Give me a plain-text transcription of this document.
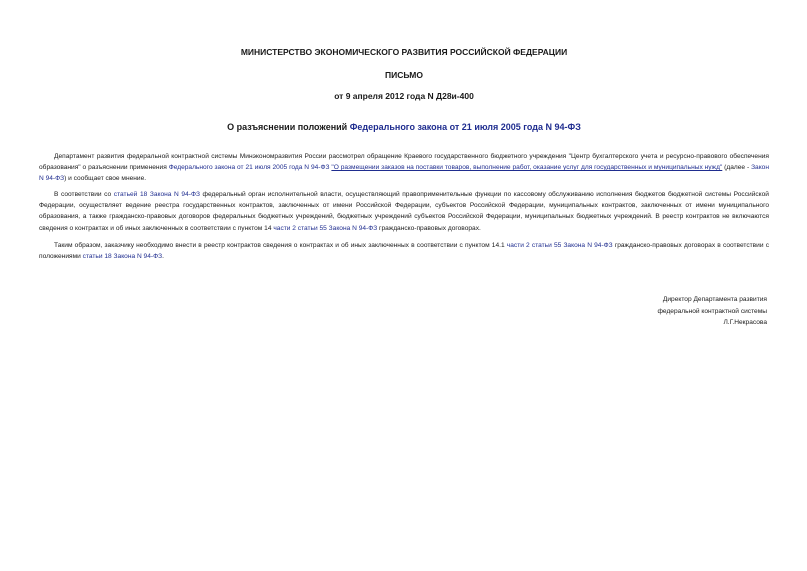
МИНИСТЕРСТВО ЭКОНОМИЧЕСКОГО РАЗВИТИЯ РОССИЙСКОЙ ФЕДЕРАЦИИ
ПИСЬМО
от 9 апреля 2012 года N Д28и-400
О разъяснении положений Федерального закона от 21 июля 2005 года N 94-ФЗ
Департамент развития федеральной контрактной системы Минэкономразвития России рассмотрел обращение Краевого государственного бюджетного учреждения "Центр бухгалтерского учета и ресурсно-правового обеспечения образования" о разъяснении применения Федерального закона от 21 июля 2005 года N 94-ФЗ "О размещении заказов на поставки товаров, выполнение работ, оказание услуг для государственных и муниципальных нужд" (далее - Закон N 94-ФЗ) и сообщает свое мнение.
В соответствии со статьей 18 Закона N 94-ФЗ федеральный орган исполнительной власти, осуществляющий правоприменительные функции по кассовому обслуживанию исполнения бюджетов бюджетной системы Российской Федерации, осуществляет ведение реестра государственных контрактов, заключенных от имени Российской Федерации, субъектов Российской Федерации, муниципальных контрактов, заключенных от имени муниципального образования, а также гражданско-правовых договоров федеральных бюджетных учреждений, бюджетных учреждений субъектов Российской Федерации, муниципальных бюджетных учреждений. В реестр контрактов не включаются сведения о контрактах и об иных заключенных в соответствии с пунктом 14 части 2 статьи 55 Закона N 94-ФЗ гражданско-правовых договорах.
Таким образом, заказчику необходимо внести в реестр контрактов сведения о контрактах и об иных заключенных в соответствии с пунктом 14.1 части 2 статьи 55 Закона N 94-ФЗ гражданско-правовых договорах в соответствии с положениями статьи 18 Закона N 94-ФЗ.
Директор Департамента развития
федеральной контрактной системы
Л.Г.Некрасова
